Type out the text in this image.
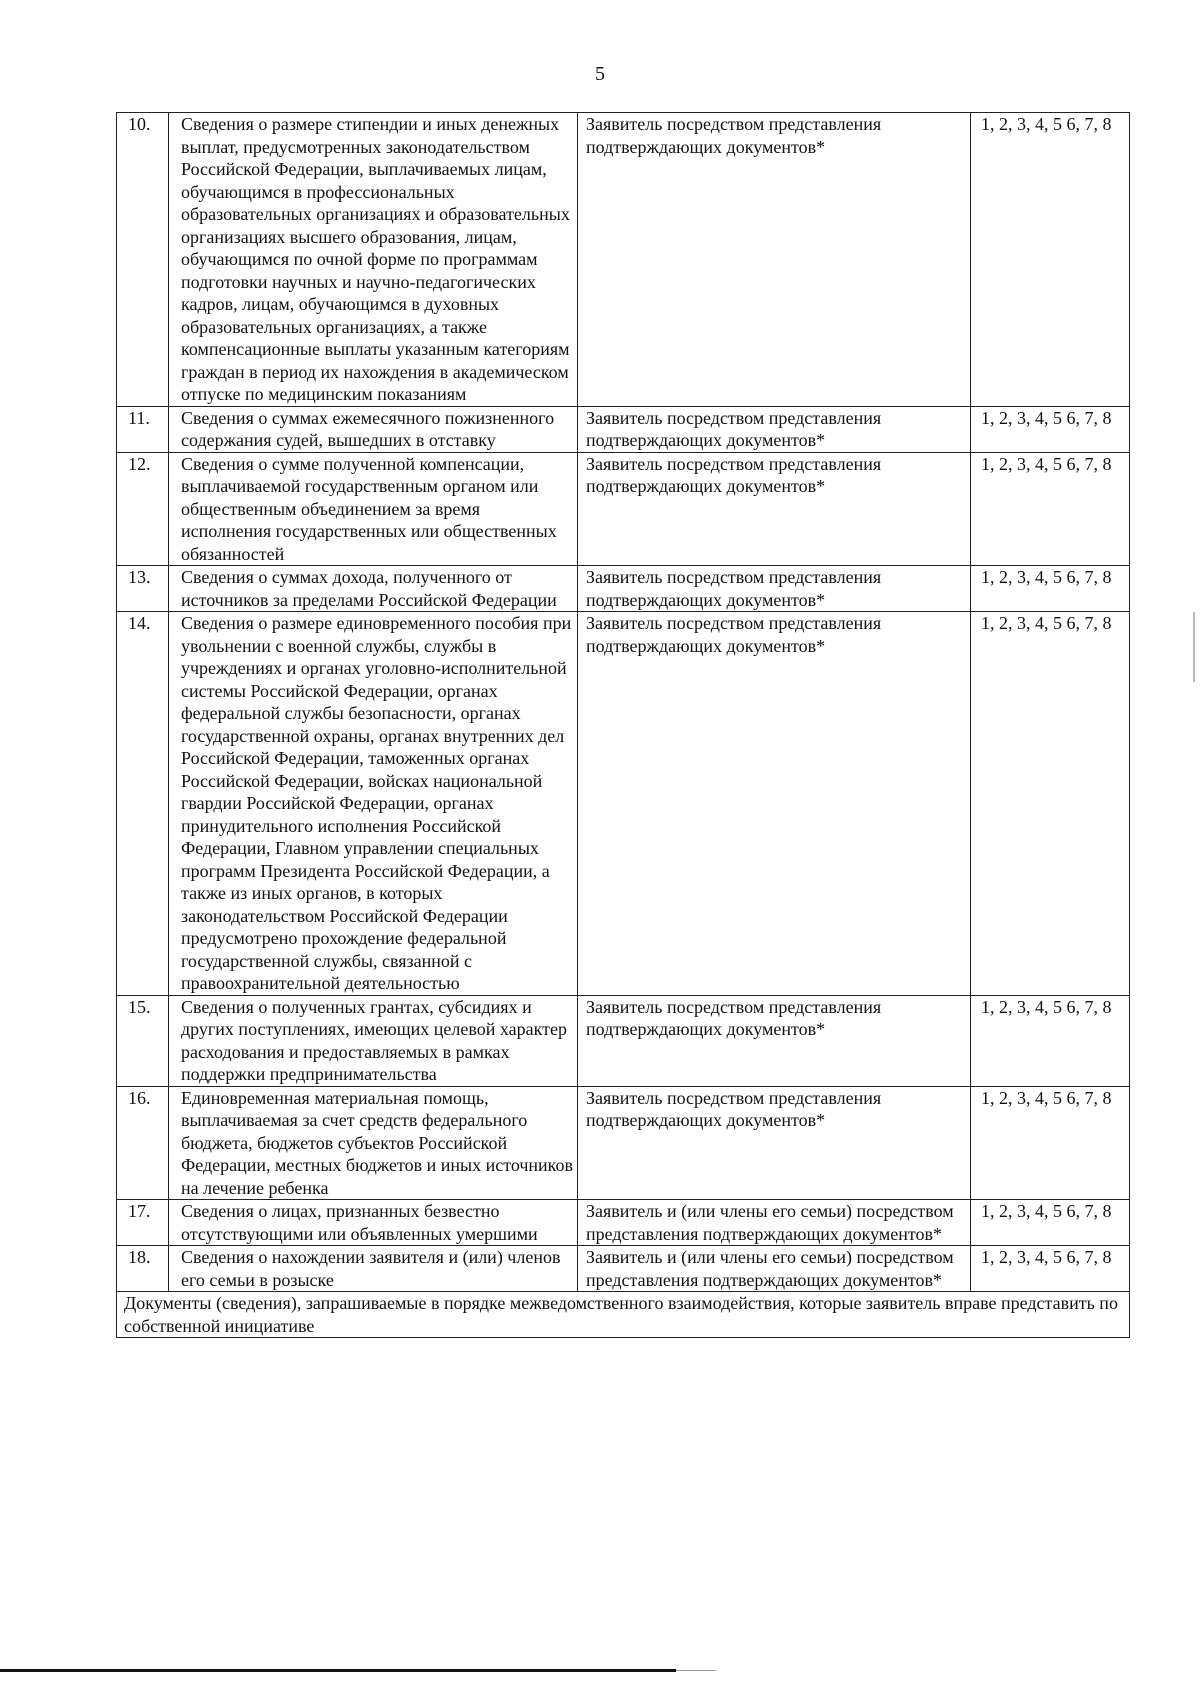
5
10.	Сведения о размере стипендии и иных денежных выплат, предусмотренных законодательством Российской Федерации, выплачиваемых лицам, обучающимся в профессиональных образовательных организациях и образовательных организациях высшего образования, лицам, обучающимся по очной форме по программам подготовки научных и научно-педагогических кадров, лицам, обучающимся в духовных образовательных организациях, а также компенсационные выплаты указанным категориям граждан в период их нахождения в академическом отпуске по медицинским показаниям	Заявитель посредством представления подтверждающих документов*	1, 2, 3, 4, 5 6, 7, 8
11.	Сведения о суммах ежемесячного пожизненного содержания судей, вышедших в отставку	Заявитель посредством представления подтверждающих документов*	1, 2, 3, 4, 5 6, 7, 8
12.	Сведения о сумме полученной компенсации, выплачиваемой государственным органом или общественным объединением за время исполнения государственных или общественных обязанностей	Заявитель посредством представления подтверждающих документов*	1, 2, 3, 4, 5 6, 7, 8
13.	Сведения о суммах дохода, полученного от источников за пределами Российской Федерации	Заявитель посредством представления подтверждающих документов*	1, 2, 3, 4, 5 6, 7, 8
14.	Сведения о размере единовременного пособия при увольнении с военной службы, службы в учреждениях и органах уголовно-исполнительной системы Российской Федерации, органах федеральной службы безопасности, органах государственной охраны, органах внутренних дел Российской Федерации, таможенных органах Российской Федерации, войсках национальной гвардии Российской Федерации, органах принудительного исполнения Российской Федерации, Главном управлении специальных программ Президента Российской Федерации, а также из иных органов, в которых законодательством Российской Федерации предусмотрено прохождение федеральной государственной службы, связанной с правоохранительной деятельностью	Заявитель посредством представления подтверждающих документов*	1, 2, 3, 4, 5 6, 7, 8
15.	Сведения о полученных грантах, субсидиях и других поступлениях, имеющих целевой характер расходования и предоставляемых в рамках поддержки предпринимательства	Заявитель посредством представления подтверждающих документов*	1, 2, 3, 4, 5 6, 7, 8
16.	Единовременная материальная помощь, выплачиваемая за счет средств федерального бюджета, бюджетов субъектов Российской Федерации, местных бюджетов и иных источников на лечение ребенка	Заявитель посредством представления подтверждающих документов*	1, 2, 3, 4, 5 6, 7, 8
17.	Сведения о лицах, признанных безвестно отсутствующими или объявленных умершими	Заявитель и (или члены его семьи) посредством представления подтверждающих документов*	1, 2, 3, 4, 5 6, 7, 8
18.	Сведения о нахождении заявителя и (или) членов его семьи в розыске	Заявитель и (или члены его семьи) посредством представления подтверждающих документов*	1, 2, 3, 4, 5 6, 7, 8
Документы (сведения), запрашиваемые в порядке межведомственного взаимодействия, которые заявитель вправе представить по собственной инициативе			
